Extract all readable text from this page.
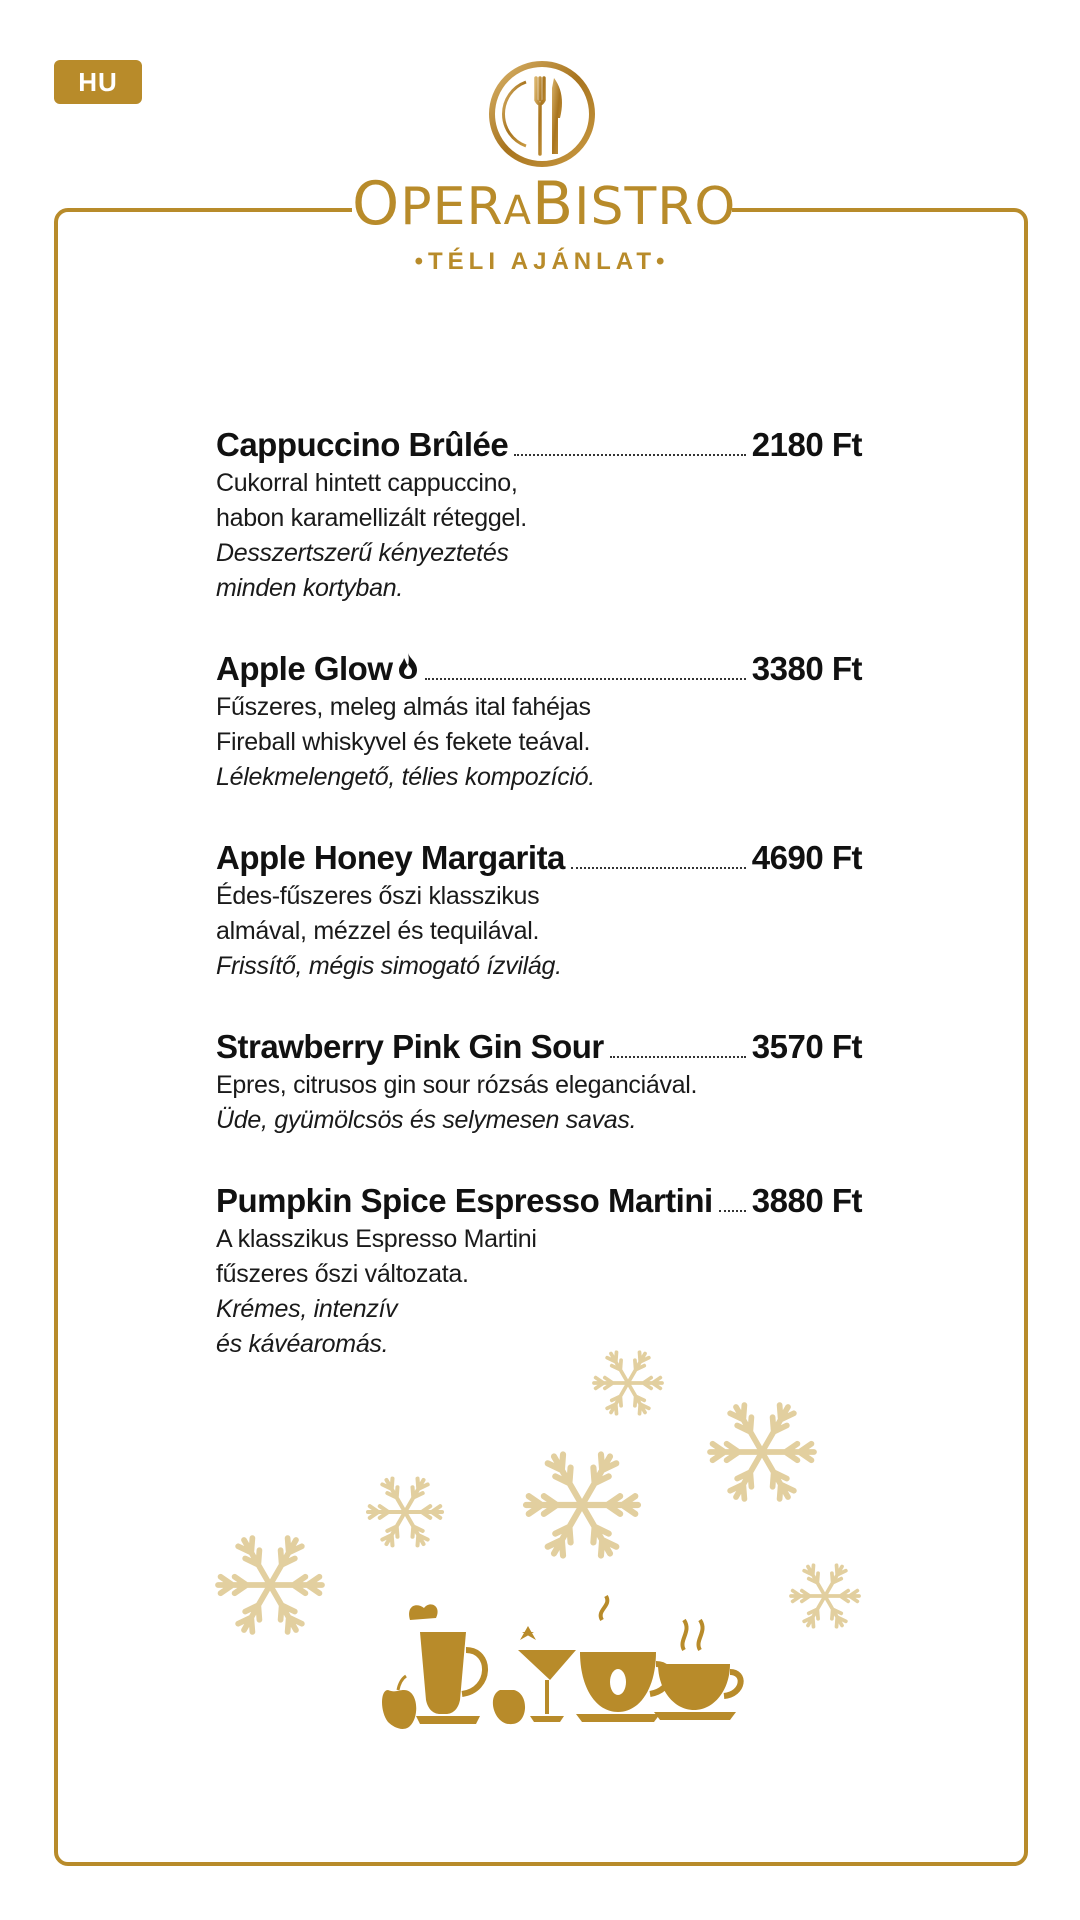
HU
OPERABISTRO
•TÉLI AJÁNLAT•
Cappuccino Brûlée	2180 Ft
Cukorral hintett cappuccino,
habon karamellizált réteggel.
Desszertszerű kényeztetés
minden kortyban.
Apple Glow	3380 Ft
Fűszeres, meleg almás ital fahéjas
Fireball whiskyvel és fekete teával.
Lélekmelengető, télies kompozíció.
Apple Honey Margarita	4690 Ft
Édes-fűszeres őszi klasszikus
almával, mézzel és tequilával.
Frissítő, mégis simogató ízvilág.
Strawberry Pink Gin Sour	3570 Ft
Epres, citrusos gin sour rózsás eleganciával.
Üde, gyümölcsös és selymesen savas.
Pumpkin Spice Espresso Martini 3880 Ft
A klasszikus Espresso Martini
fűszeres őszi változata.
Krémes, intenzív
és kávéaromás.
